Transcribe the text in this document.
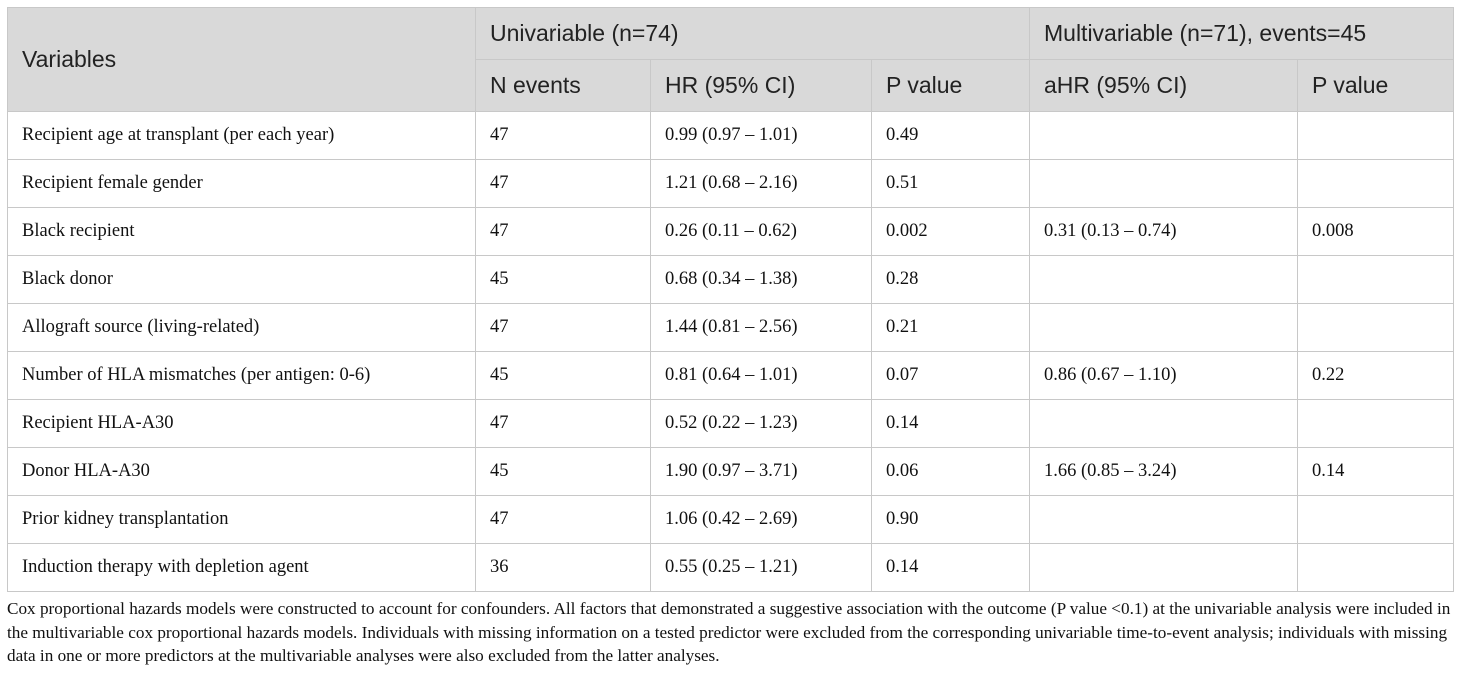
Variables	Univariable (n=74)			Multivariable (n=71), events=45	
	N events	HR (95% CI)	P value	aHR (95% CI)	P value
Recipient age at transplant (per each year)	47	0.99 (0.97 – 1.01)	0.49		
Recipient female gender	47	1.21 (0.68 – 2.16)	0.51		
Black recipient	47	0.26 (0.11 – 0.62)	0.002	0.31 (0.13 – 0.74)	0.008
Black donor	45	0.68 (0.34 – 1.38)	0.28		
Allograft source (living-related)	47	1.44 (0.81 – 2.56)	0.21		
Number of HLA mismatches (per antigen: 0-6)	45	0.81 (0.64 – 1.01)	0.07	0.86 (0.67 – 1.10)	0.22
Recipient HLA-A30	47	0.52 (0.22 – 1.23)	0.14		
Donor HLA-A30	45	1.90 (0.97 – 3.71)	0.06	1.66 (0.85 – 3.24)	0.14
Prior kidney transplantation	47	1.06 (0.42 – 2.69)	0.90		
Induction therapy with depletion agent	36	0.55 (0.25 – 1.21)	0.14		
Cox proportional hazards models were constructed to account for confounders. All factors that demonstrated a suggestive association with the outcome (P value <0.1) at the univariable analysis were included in the multivariable cox proportional hazards models. Individuals with missing information on a tested predictor were excluded from the corresponding univariable time-to-event analysis; individuals with missing data in one or more predictors at the multivariable analyses were also excluded from the latter analyses.
